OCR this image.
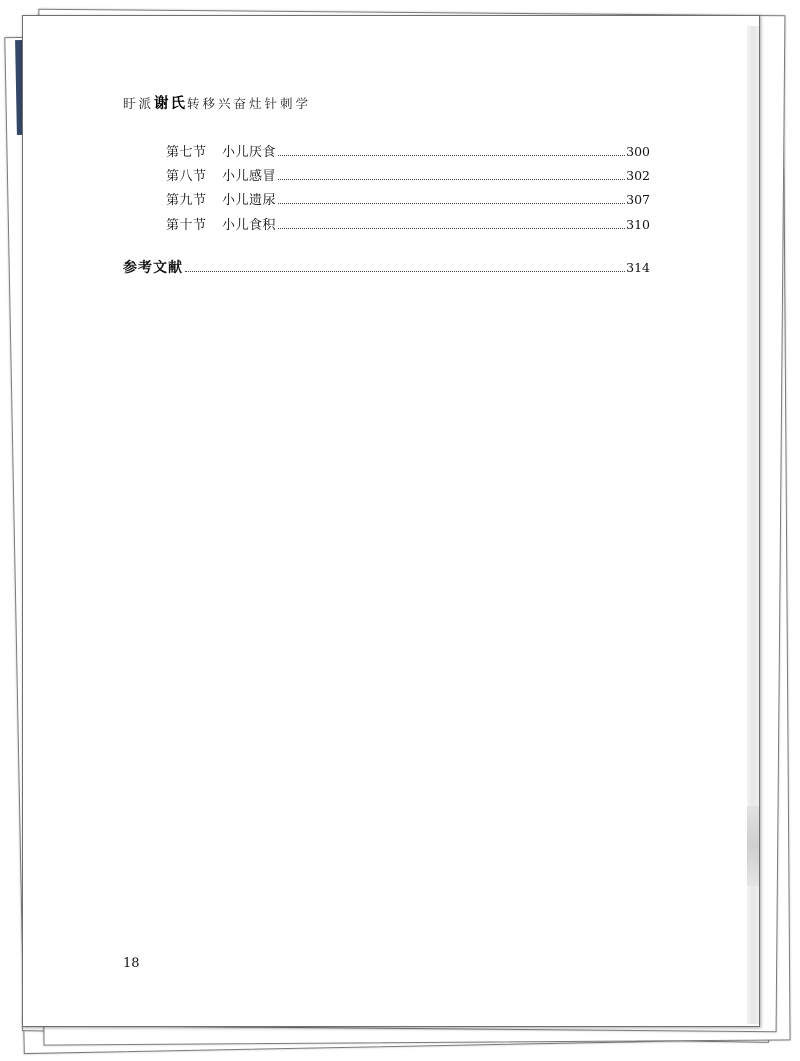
盱派谢氏转移兴奋灶针刺学
第七节	小儿厌食	300
第八节	小儿感冒	302
第九节	小儿遗尿	307
第十节	小儿食积	310
参考文献	314
18
